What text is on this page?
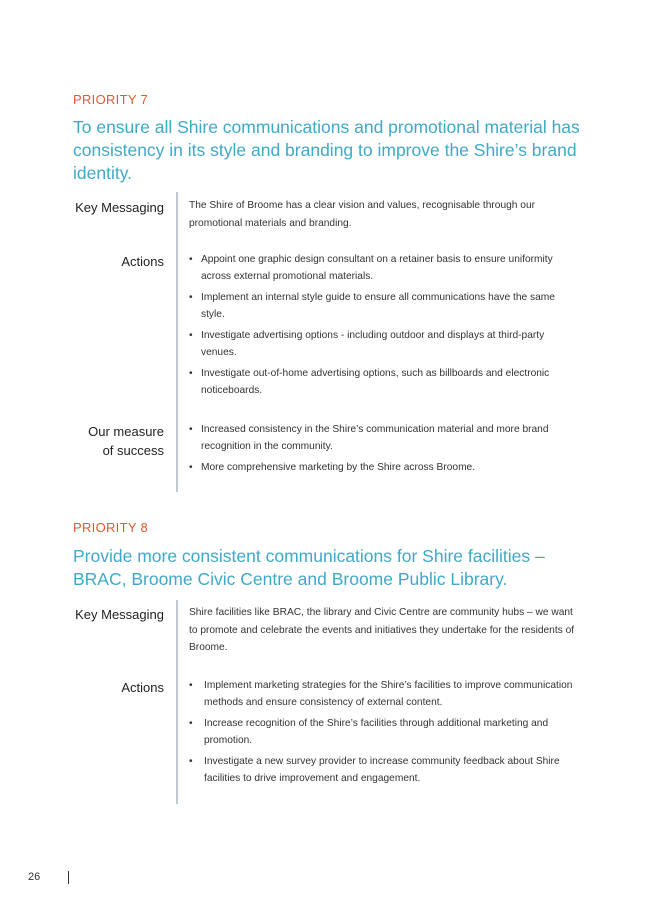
PRIORITY 7
To ensure all Shire communications and promotional material has consistency in its style and branding to improve the Shire’s brand identity.
Key Messaging The Shire of Broome has a clear vision and values, recognisable through our promotional materials and branding.
Actions	• Appoint one graphic design consultant on a retainer basis to ensure uniformity across external promotional materials.
• Implement an internal style guide to ensure all communications have the same style.
• Investigate advertising options - including outdoor and displays at third-party venues.
• Investigate out-of-home advertising options, such as billboards and electronic noticeboards.
Our measure
of success
• Increased consistency in the Shire’s communication material and more brand recognition in the community.
• More comprehensive marketing by the Shire across Broome.
PRIORITY 8
Provide more consistent communications for Shire facilities – BRAC, Broome Civic Centre and Broome Public Library.
Key Messaging Shire facilities like BRAC, the library and Civic Centre are community hubs – we want to promote and celebrate the events and initiatives they undertake for the residents of Broome.
Actions	• Implement marketing strategies for the Shire’s facilities to improve communication methods and ensure consistency of external content.
• Increase recognition of the Shire’s facilities through additional marketing and promotion.
• Investigate a new survey provider to increase community feedback about Shire facilities to drive improvement and engagement.
26
